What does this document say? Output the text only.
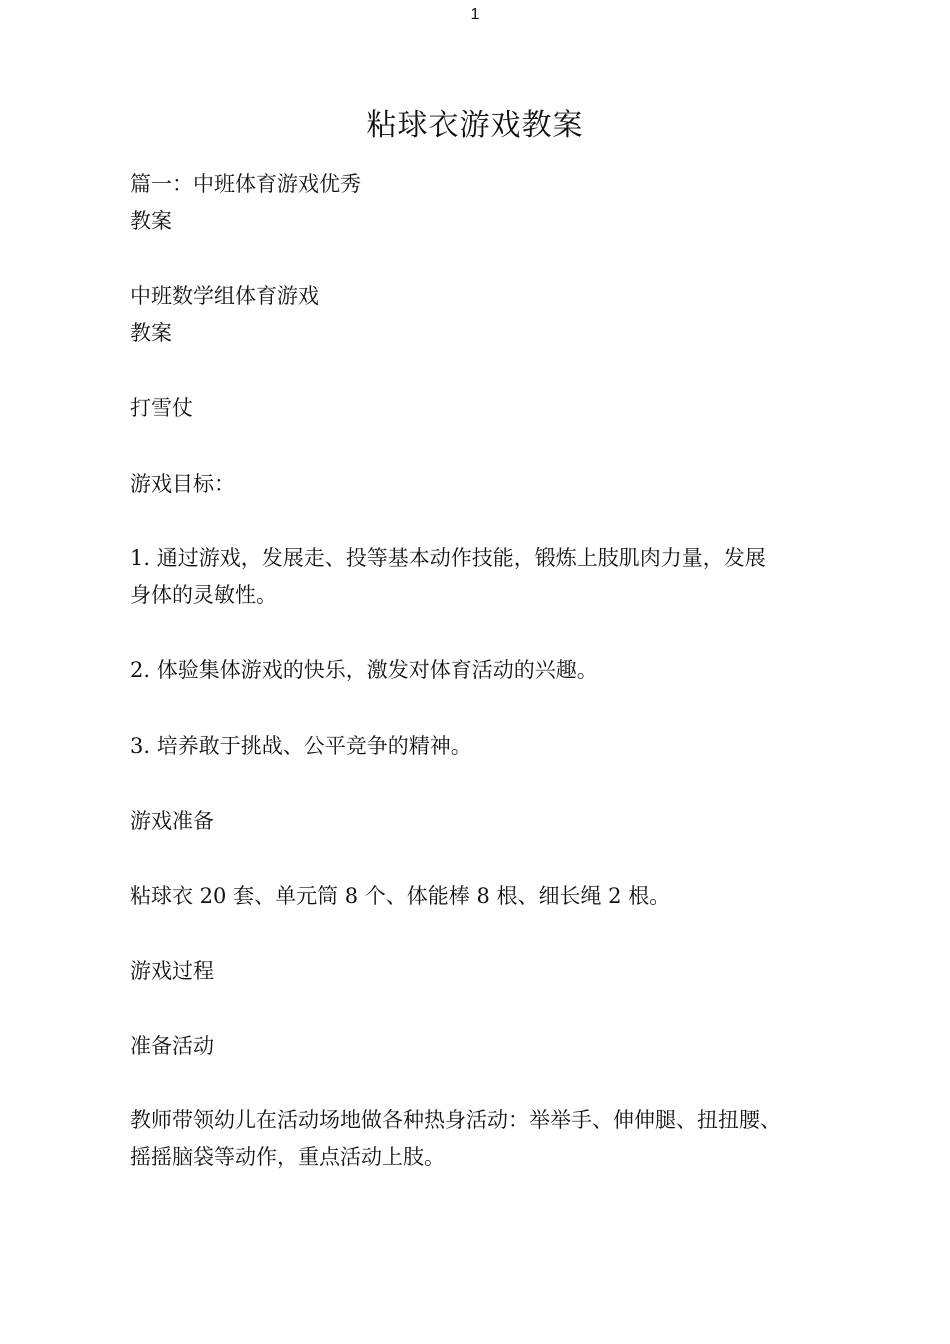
1
粘球衣游戏教案
篇一：中班体育游戏优秀
教案
中班数学组体育游戏
教案
打雪仗
游戏目标：
1. 通过游戏，发展走、投等基本动作技能，锻炼上肢肌肉力量，发展
身体的灵敏性。
2. 体验集体游戏的快乐，激发对体育活动的兴趣。
3. 培养敢于挑战、公平竞争的精神。
游戏准备
粘球衣 20 套、单元筒 8 个、体能棒 8 根、细长绳 2 根。
游戏过程
准备活动
教师带领幼儿在活动场地做各种热身活动：举举手、伸伸腿、扭扭腰、
摇摇脑袋等动作，重点活动上肢。
